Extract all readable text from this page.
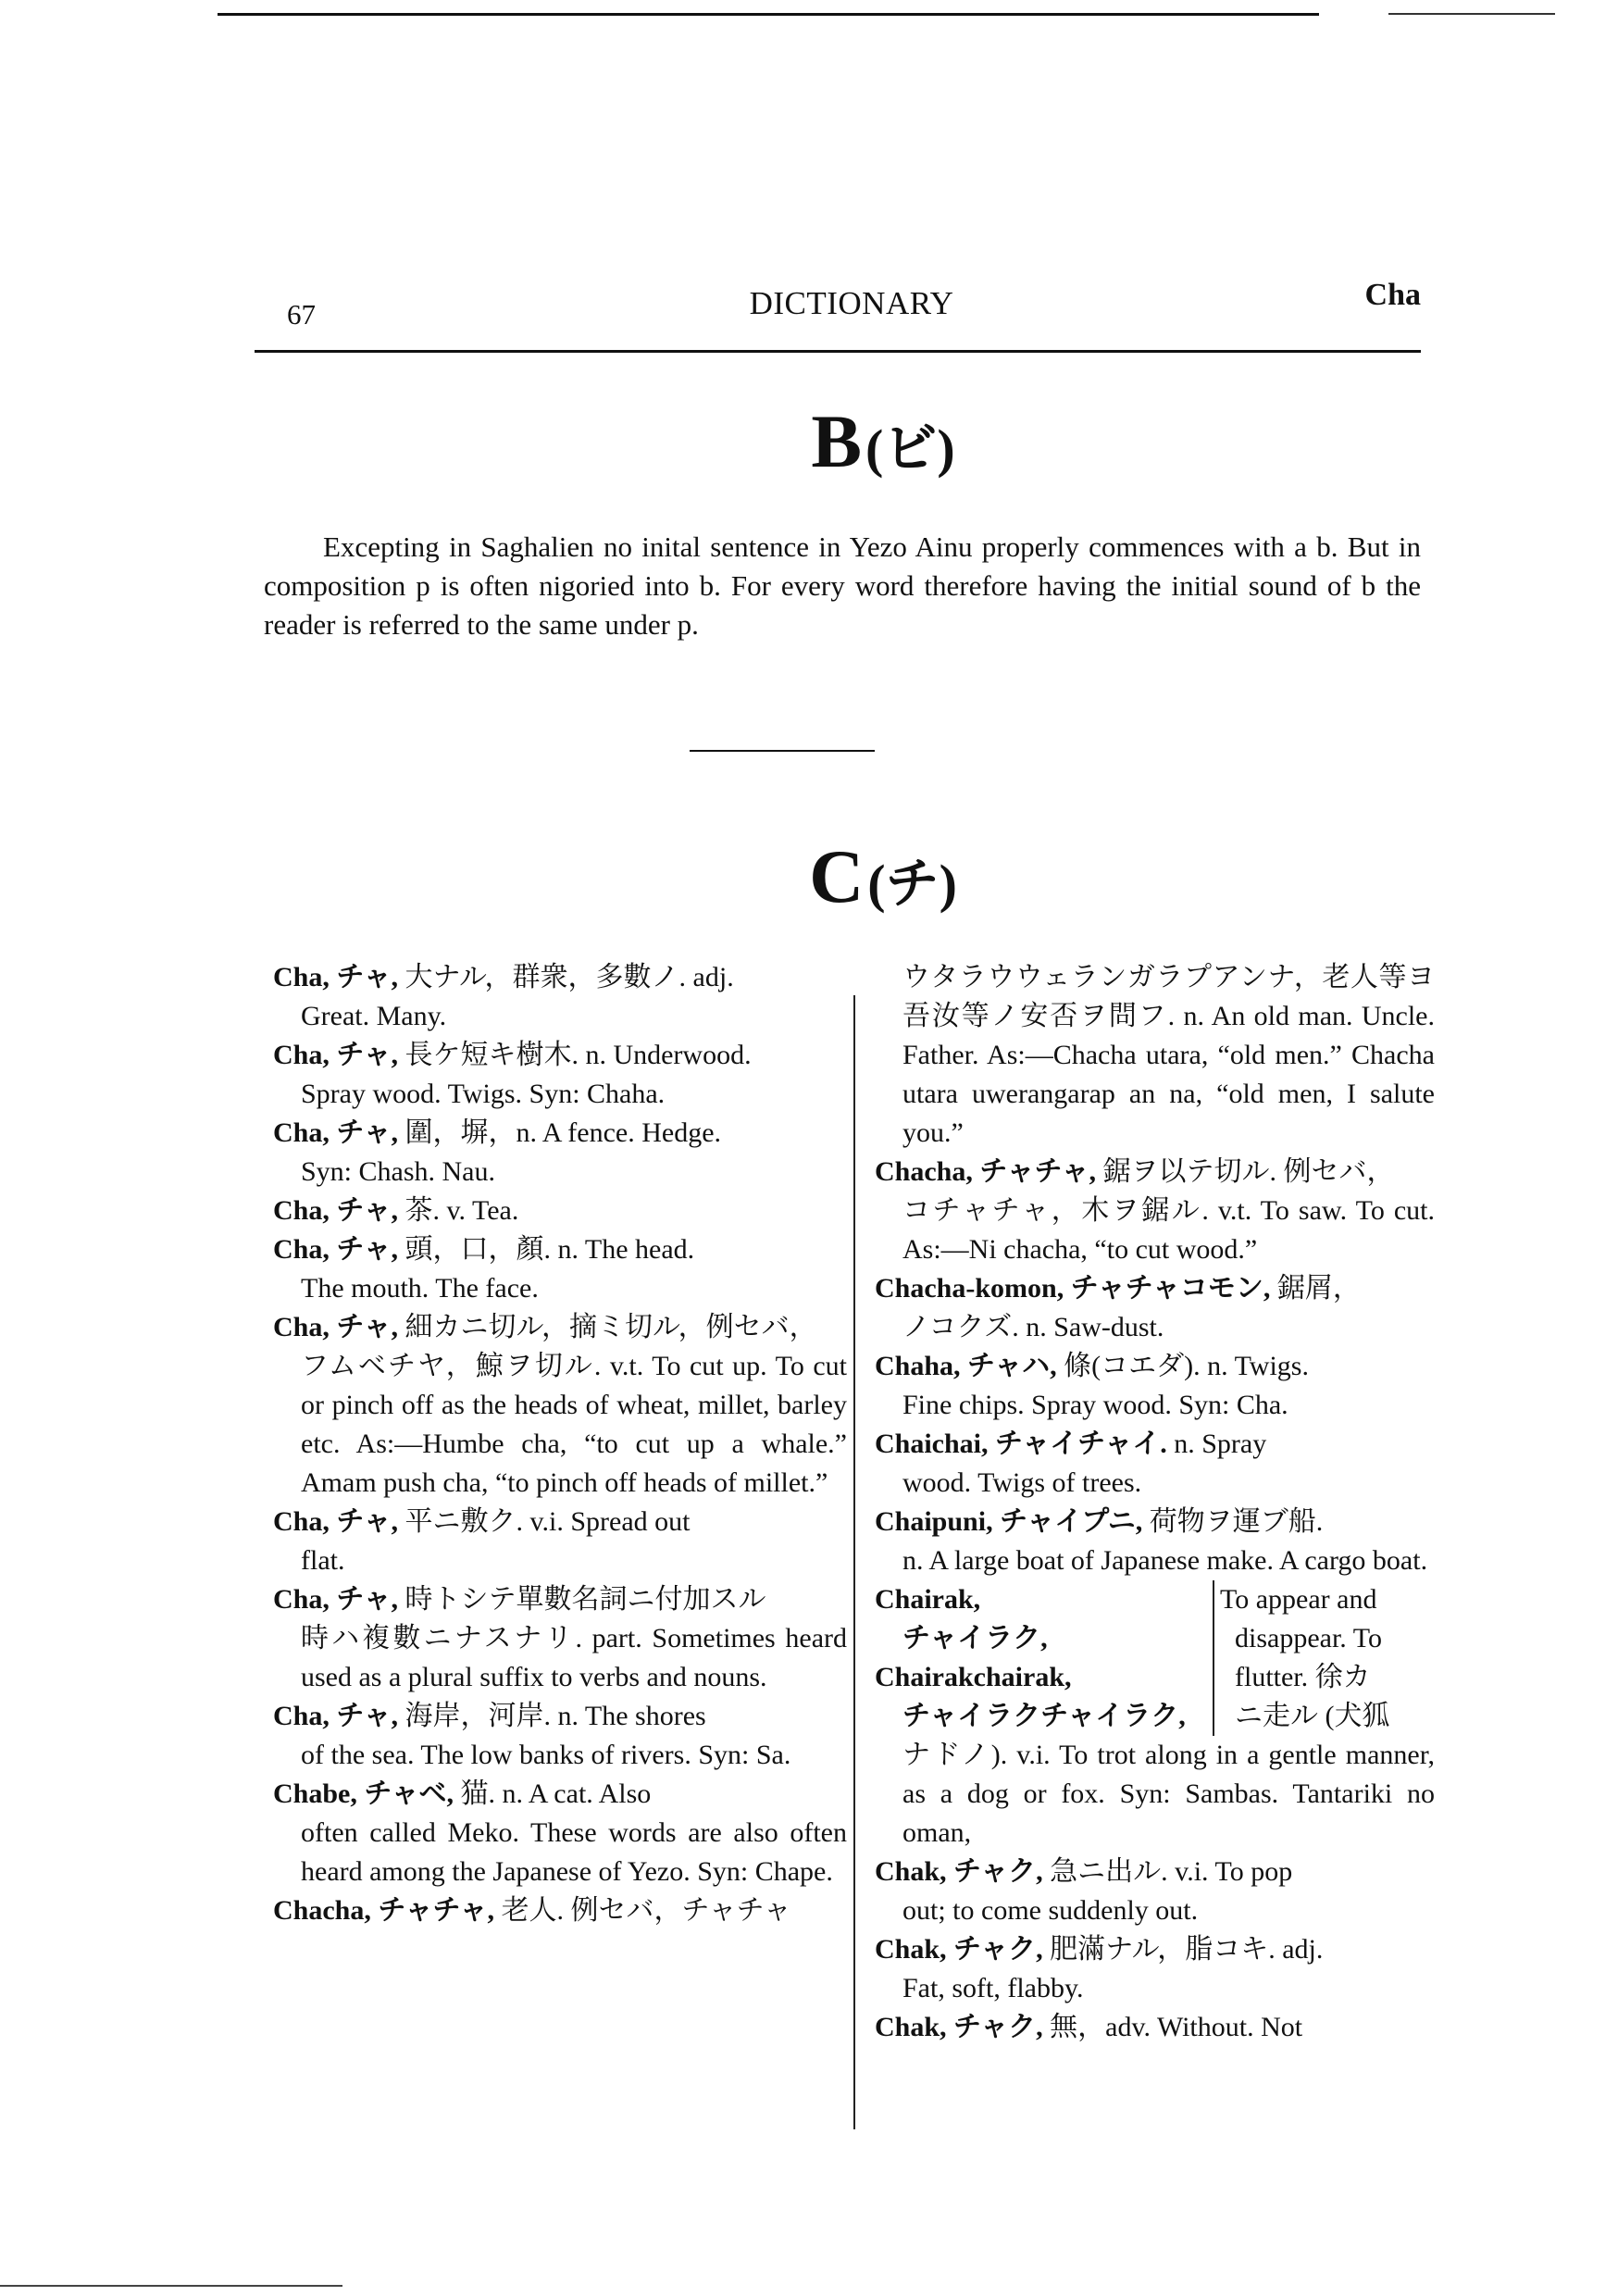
67	DICTIONARY	Cha
B (ビ)

Excepting in Saghalien no inital sentence in Yezo Ainu properly commences with a b. But in composition p is often nigoried into b. For every word therefore having the initial sound of b the reader is referred to the same under p.

C (チ)

Cha, チャ, 大ナル，群衆，多數ノ. adj.

Great. Many.

Cha, チャ, 長ケ短キ樹木. n. Underwood.

Spray wood. Twigs. Syn: Chaha.

Cha, チャ, 圍，塀，n. A fence. Hedge.

Syn: Chash. Nau.

Cha, チャ, 茶. v. Tea.

Cha, チャ, 頭，口，顏. n. The head.

The mouth. The face.

Cha, チャ, 細カニ切ル，摘ミ切ル，例セバ，

フムベチヤ，鯨ヲ切ル. v.t. To cut up. To cut or pinch off as the heads of wheat, millet, barley etc. As:—Humbe cha, “to cut up a whale.” Amam push cha, “to pinch off heads of millet.”

Cha, チャ, 平ニ敷ク. v.i. Spread out

flat.

Cha, チャ, 時トシテ單數名詞ニ付加スル

時ハ複數ニナスナリ. part. Sometimes heard used as a plural suffix to verbs and nouns.

Cha, チャ, 海岸，河岸. n. The shores

of the sea. The low banks of rivers. Syn: Sa.

Chabe, チャベ, 猫. n. A cat. Also

often called Meko. These words are also often heard among the Japanese of Yezo. Syn: Chape.

Chacha, チャチャ, 老人. 例セバ，チャチャ

ウタラウウェランガラプアンナ，老人等ヨ吾汝等ノ安否ヲ問フ. n. An old man. Uncle. Father. As:—Chacha utara, “old men.” Chacha utara uwerangarap an na, “old men, I salute you.”

Chacha, チャチャ, 鋸ヲ以テ切ル. 例セバ，

コチャチャ，木ヲ鋸ル. v.t. To saw. To cut. As:—Ni chacha, “to cut wood.”

Chacha-komon, チャチャコモン, 鋸屑，

ノコクズ. n. Saw-dust.

Chaha, チャハ, 條(コエダ). n. Twigs.

Fine chips. Spray wood. Syn: Cha.

Chaichai, チャイチャイ. n. Spray

wood. Twigs of trees.

Chaipuni, チャイプニ, 荷物ヲ運ブ船.

n. A large boat of Japanese make. A cargo boat.

Chairak,
チャイラク,
Chairakchairak,
チャイラクチャイラク,
To appear and
disappear. To
flutter. 徐カ
ニ走ル (犬狐

ナドノ). v.i. To trot along in a gentle manner, as a dog or fox. Syn: Sambas. Tantariki no oman,

Chak, チャク, 急ニ出ル. v.i. To pop

out; to come suddenly out.

Chak, チャク, 肥滿ナル，脂コキ. adj.

Fat, soft, flabby.

Chak, チャク, 無，adv. Without. Not
